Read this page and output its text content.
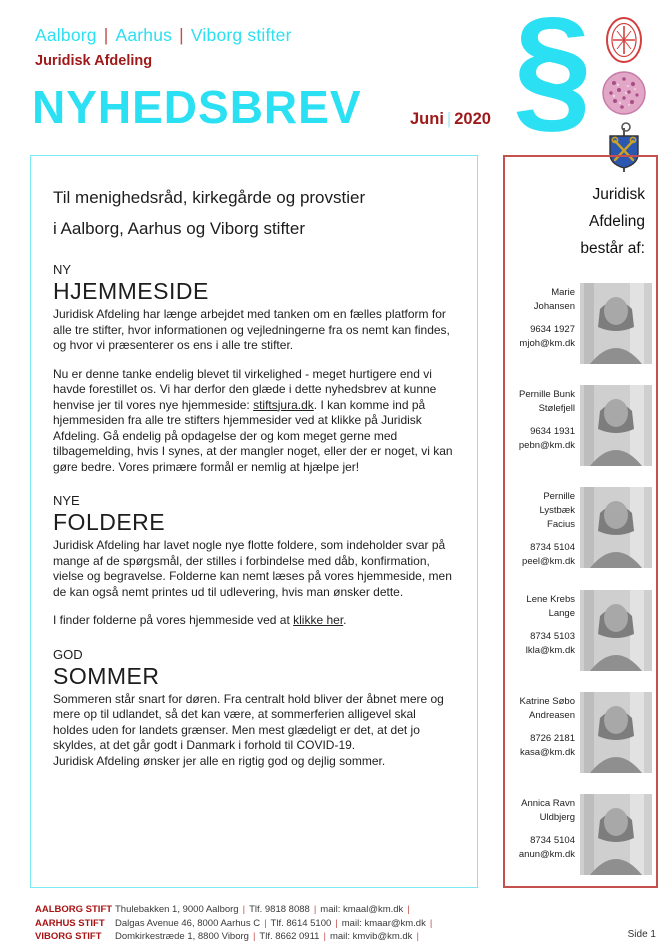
Aalborg | Aarhus | Viborg stifter
Juridisk Afdeling
NYHEDSBREV	Juni | 2020 §
Til menighedsråd, kirkegårde og provstier
i Aalborg, Aarhus og Viborg stifter
NY
HJEMMESIDE

Juridisk Afdeling har længe arbejdet med tanken om en fælles platform for alle tre stifter, hvor informationen og vejledningerne fra os nemt kan findes, og hvor vi præsenterer os ens i alle tre stifter.

Nu er denne tanke endelig blevet til virkelighed - meget hurtigere end vi havde forestillet os. Vi har derfor den glæde i dette nyhedsbrev at kunne henvise jer til vores nye hjemmeside: stiftsjura.dk. I kan komme ind på hjemmesiden fra alle tre stifters hjemmesider ved at klikke på Juridisk Afdeling. Gå endelig på opdagelse der og kom meget gerne med tilbagemelding, hvis I synes, at der mangler noget, eller der er noget, vi kan gøre bedre. Vores primære formål er nemlig at hjælpe jer!

NYE
FOLDERE

Juridisk Afdeling har lavet nogle nye flotte foldere, som indeholder svar på mange af de spørgsmål, der stilles i forbindelse med dåb, konfirmation, vielse og begravelse. Folderne kan nemt læses på vores hjemmeside, men de kan også nemt printes ud til udlevering, hvis man ønsker dette.

I finder folderne på vores hjemmeside ved at klikke her.

GOD
SOMMER

Sommeren står snart for døren. Fra centralt hold bliver der åbnet mere og mere op til udlandet, så det kan være, at sommerferien alligevel skal holdes uden for landets grænser. Men mest glædeligt er det, at det jo skyldes, at det går godt i Danmark i forhold til COVID-19.

Juridisk Afdeling ønsker jer alle en rigtig god og dejlig sommer.

Juridisk
Afdeling
består af:
Marie Johansen
9634 1927
mjoh@km.dk
Pernille Bunk Stølefjell
9634 1931
pebn@km.dk
Pernille Lystbæk Facius
8734 5104
peel@km.dk
Lene Krebs Lange
8734 5103
lkla@km.dk
Katrine Søbo Andreasen
8726 2181
kasa@km.dk
Annica Ravn Uldbjerg
8734 5104
anun@km.dk
AALBORG STIFT Thulebakken 1, 9000 Aalborg | Tlf. 9818 8088 | mail: kmaal@km.dk |
AARHUS STIFT Dalgas Avenue 46, 8000 Aarhus C | Tlf. 8614 5100 | mail: kmaar@km.dk |
VIBORG STIFT Domkirkestræde 1, 8800 Viborg | Tlf. 8662 0911 | mail: kmvib@km.dk |	Side 1
